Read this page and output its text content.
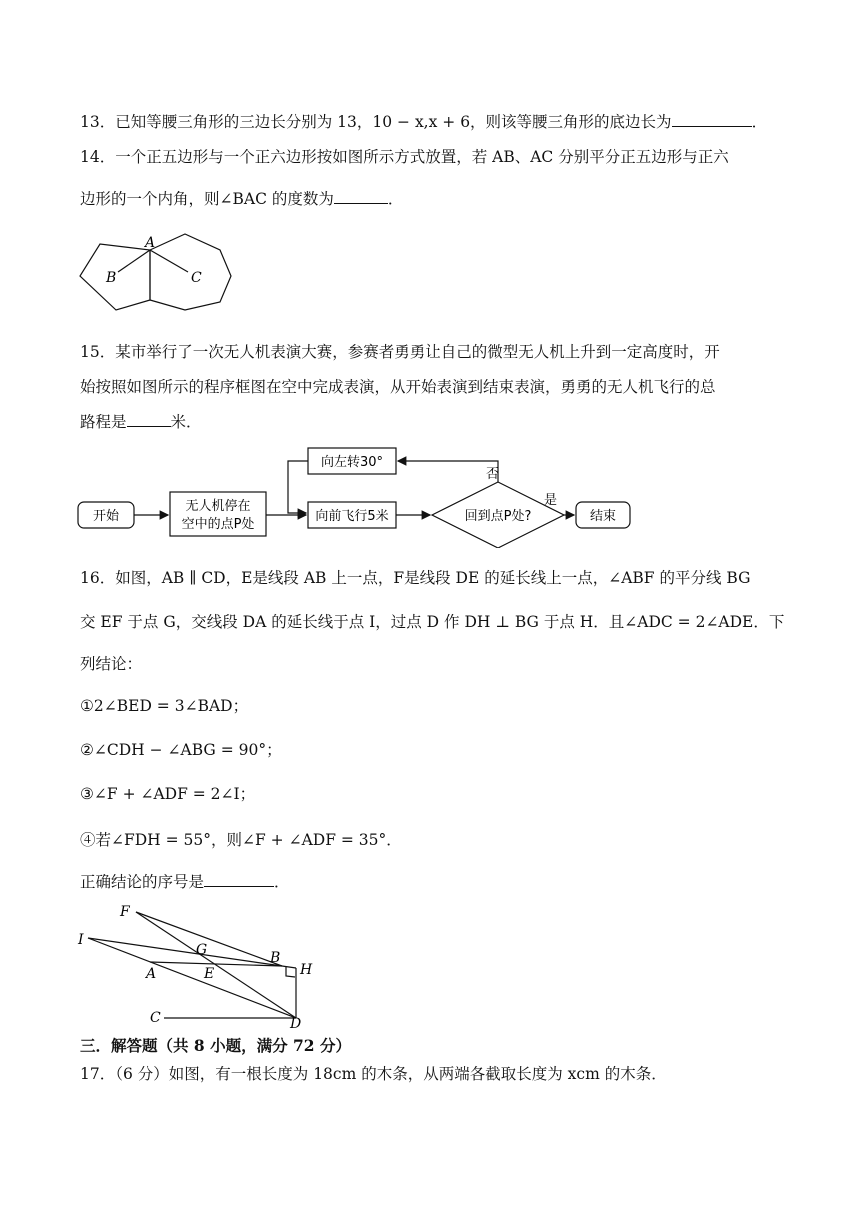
13．已知等腰三角形的三边长分别为 13，10 − x,x + 6，则该等腰三角形的底边长为	．
14．一个正五边形与一个正六边形按如图所示方式放置，若 AB、AC 分别平分正五边形与正六
边形的一个内角，则∠BAC 的度数为	．
A
B	C
15．某市举行了一次无人机表演大赛，参赛者勇勇让自己的微型无人机上升到一定高度时，开
始按照如图所示的程序框图在空中完成表演，从开始表演到结束表演，勇勇的无人机飞行的总
路程是	米．
开始
无人机停在
空中的点P处
向左转30°
向前飞行5米	回到点P处?
否
是
结束
16．如图，AB ∥ CD，E是线段 AB 上一点，F是线段 DE 的延长线上一点，∠ABF 的平分线 BG
交 EF 于点 G，交线段 DA 的延长线于点 I，过点 D 作 DH ⊥ BG 于点 H．且∠ADC = 2∠ADE．下
列结论：
①2∠BED = 3∠BAD；
②∠CDH − ∠ABG = 90°；
③∠F + ∠ADF = 2∠I；
④若∠FDH = 55°，则∠F + ∠ADF = 35°．
正确结论的序号是	．
F
I
G	B
H
A	E
C	D
三．解答题（共 8 小题，满分 72 分）
17．（6 分）如图，有一根长度为 18cm 的木条，从两端各截取长度为 xcm 的木条．
